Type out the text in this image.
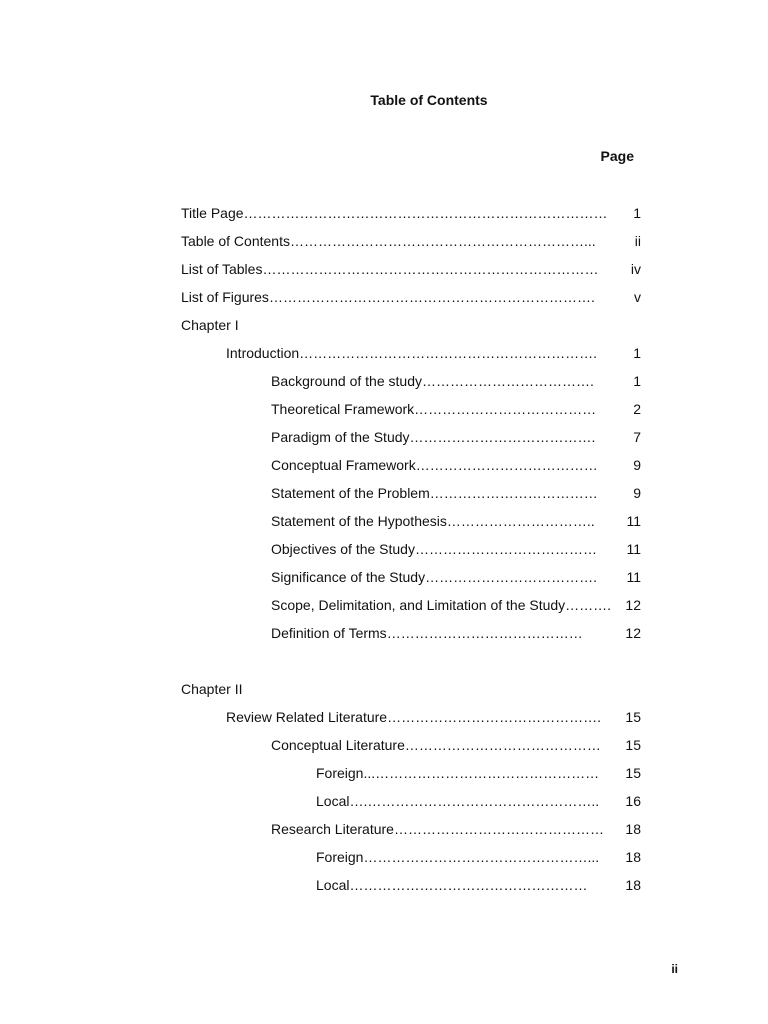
Table of Contents
Page
Title Page ……………………………………………………………………	1
Table of Contents ………………………………………………………...	ii
List of Tables ………………………………………………………………	iv
List of Figures …………………………………………………………….	v
Chapter I
Introduction ……………………………………………………….	1
Background of the study ……………………………….	1
Theoretical Framework …………………………………	2
Paradigm of the Study ………………………………….	7
Conceptual Framework …………………………………	9
Statement of the Problem ………………………………	9
Statement of the Hypothesis …………………………..	11
Objectives of the Study …………………………………	11
Significance of the Study ……………………………….	11
Scope, Delimitation, and Limitation of the Study ……….	12
Definition of Terms ……………………………………	12
Chapter II
Review Related Literature ……………………………………….	15
Conceptual Literature ……………………………………	15
Foreign... …………………………………………	15
Local… .…………………………………………..	16
Research Literature ………………………………………	18
Foreign …………………………………………...	18
Local ……………………………………………	18
ii
